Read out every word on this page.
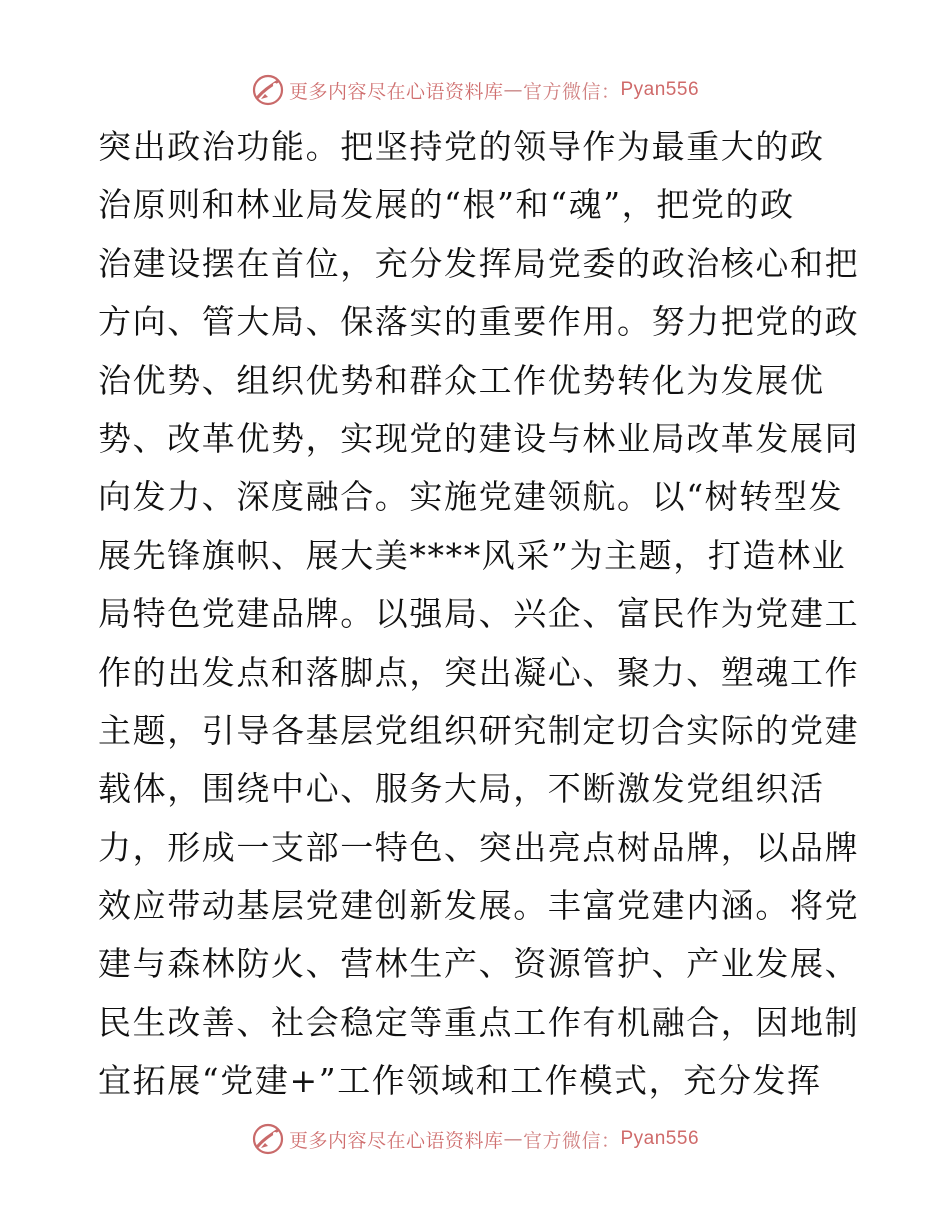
更多内容尽在心语资料库 — 官方微信： Pyan556
突出政治功能。把坚持党的领导作为最重大的政
治原则和林业局发展的“根”和“魂”，把党的政
治建设摆在首位，充分发挥局党委的政治核心和把
方向、管大局、保落实的重要作用。努力把党的政
治优势、组织优势和群众工作优势转化为发展优
势、改革优势，实现党的建设与林业局改革发展同
向发力、深度融合。实施党建领航。以“树转型发
展先锋旗帜、展大美****风采”为主题，打造林业
局特色党建品牌。以强局、兴企、富民作为党建工
作的出发点和落脚点，突出凝心、聚力、塑魂工作
主题，引导各基层党组织研究制定切合实际的党建
载体，围绕中心、服务大局，不断激发党组织活
力，形成一支部一特色、突出亮点树品牌，以品牌
效应带动基层党建创新发展。丰富党建内涵。将党
建与森林防火、营林生产、资源管护、产业发展、
民生改善、社会稳定等重点工作有机融合，因地制
宜拓展“党建+”工作领域和工作模式，充分发挥
更多内容尽在心语资料库 — 官方微信： Pyan556
